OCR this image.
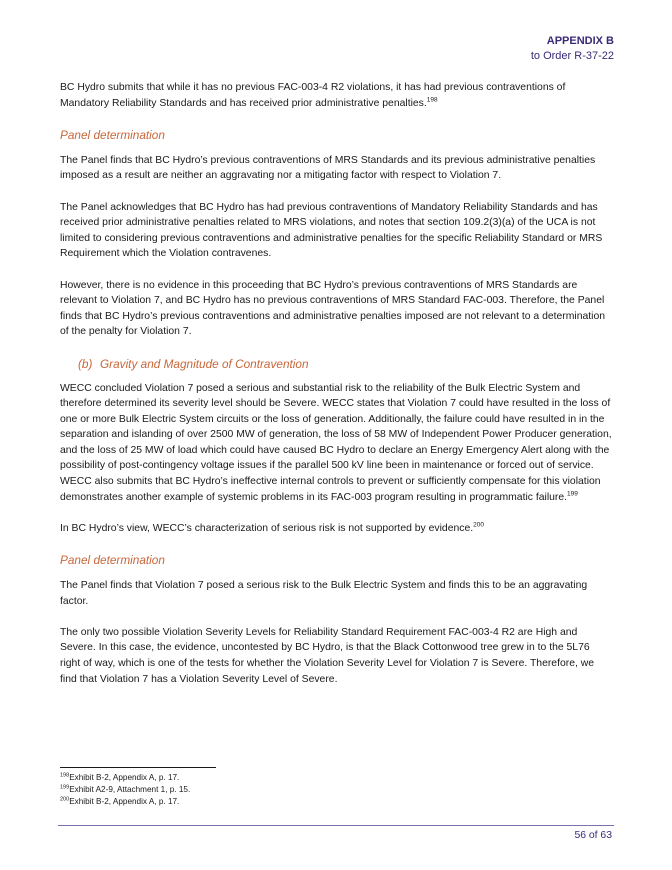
APPENDIX B
to Order R-37-22

BC Hydro submits that while it has no previous FAC-003-4 R2 violations, it has had previous contraventions of Mandatory Reliability Standards and has received prior administrative penalties.$^{198}$

Panel determination

The Panel finds that BC Hydro’s previous contraventions of MRS Standards and its previous administrative penalties imposed as a result are neither an aggravating nor a mitigating factor with respect to Violation 7.

The Panel acknowledges that BC Hydro has had previous contraventions of Mandatory Reliability Standards and has received prior administrative penalties related to MRS violations, and notes that section 109.2(3)(a) of the UCA is not limited to considering previous contraventions and administrative penalties for the specific Reliability Standard or MRS Requirement which the Violation contravenes.

However, there is no evidence in this proceeding that BC Hydro’s previous contraventions of MRS Standards are relevant to Violation 7, and BC Hydro has no previous contraventions of MRS Standard FAC-003. Therefore, the Panel finds that BC Hydro’s previous contraventions and administrative penalties imposed are not relevant to a determination of the penalty for Violation 7.

(b) Gravity and Magnitude of Contravention

WECC concluded Violation 7 posed a serious and substantial risk to the reliability of the Bulk Electric System and therefore determined its severity level should be Severe. WECC states that Violation 7 could have resulted in the loss of one or more Bulk Electric System circuits or the loss of generation. Additionally, the failure could have resulted in in the separation and islanding of over 2500 MW of generation, the loss of 58 MW of Independent Power Producer generation, and the loss of 25 MW of load which could have caused BC Hydro to declare an Energy Emergency Alert along with the possibility of post-contingency voltage issues if the parallel 500 kV line been in maintenance or forced out of service. WECC also submits that BC Hydro’s ineffective internal controls to prevent or sufficiently compensate for this violation demonstrates another example of systemic problems in its FAC-003 program resulting in programmatic failure.$^{199}$

In BC Hydro’s view, WECC’s characterization of serious risk is not supported by evidence.$^{200}$

Panel determination

The Panel finds that Violation 7 posed a serious risk to the Bulk Electric System and finds this to be an aggravating factor.

The only two possible Violation Severity Levels for Reliability Standard Requirement FAC-003-4 R2 are High and Severe. In this case, the evidence, uncontested by BC Hydro, is that the Black Cottonwood tree grew in to the 5L76 right of way, which is one of the tests for whether the Violation Severity Level for Violation 7 is Severe. Therefore, we find that Violation 7 has a Violation Severity Level of Severe.

$^{198}$Exhibit B-2, Appendix A, p. 17.
$^{199}$Exhibit A2-9, Attachment 1, p. 15.
$^{200}$Exhibit B-2, Appendix A, p. 17.
56 of 63
